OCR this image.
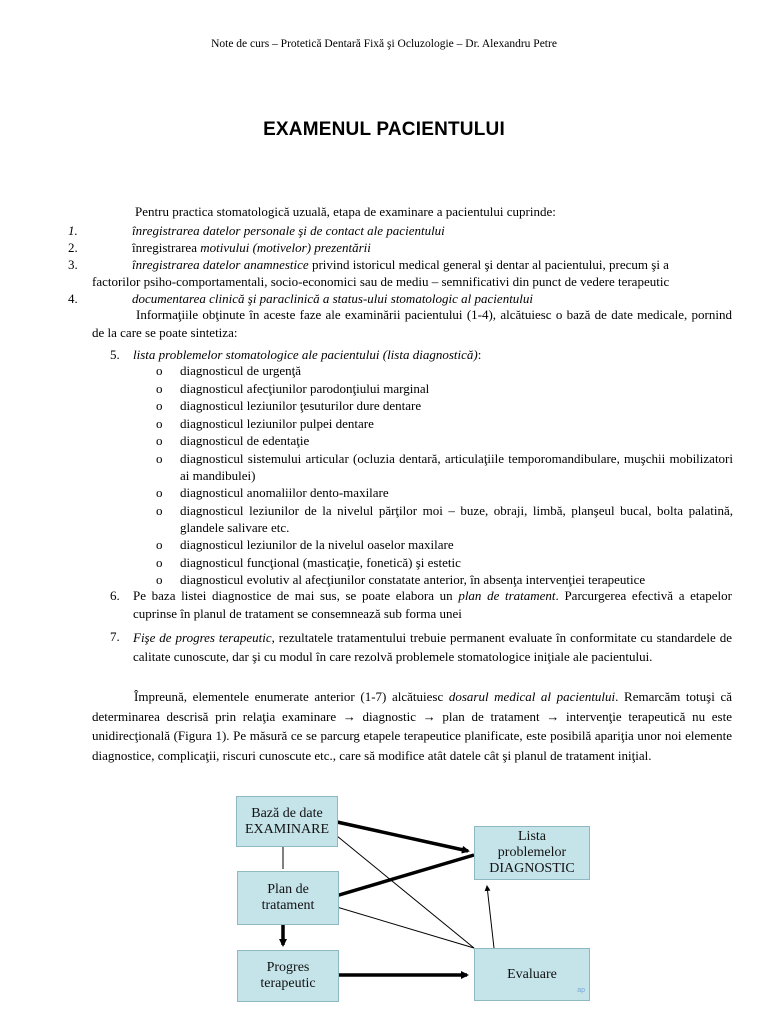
Note de curs – Protetică Dentară Fixă şi Ocluzologie – Dr. Alexandru Petre
EXAMENUL PACIENTULUI
Pentru practica stomatologică uzuală, etapa de examinare a pacientului cuprinde:
1.	înregistrarea datelor personale şi de contact ale pacientului
2.	înregistrarea motivului (motivelor) prezentării
3.	înregistrarea datelor anamnestice privind istoricul medical general şi dentar al pacientului, precum şi a
factorilor psiho-comportamentali, socio-economici sau de mediu – semnificativi din punct de vedere terapeutic
4.	documentarea clinică şi paraclinică a status-ului stomatologic al pacientului
Informaţiile obţinute în aceste faze ale examinării pacientului (1-4), alcătuiesc o bază de date medicale, pornind de la care se poate sintetiza:
5. lista problemelor stomatologice ale pacientului (lista diagnostică):
o diagnosticul de urgenţă
o diagnosticul afecţiunilor parodonţiului marginal
o diagnosticul leziunilor ţesuturilor dure dentare
o diagnosticul leziunilor pulpei dentare
o diagnosticul de edentaţie
o diagnosticul sistemului articular (ocluzia dentară, articulaţiile temporomandibulare, muşchii mobilizatori ai mandibulei)
o diagnosticul anomaliilor dento-maxilare
o diagnosticul leziunilor de la nivelul părţilor moi – buze, obraji, limbă, planşeul bucal, bolta palatină, glandele salivare etc.
o diagnosticul leziunilor de la nivelul oaselor maxilare
o diagnosticul funcţional (masticaţie, fonetică) şi estetic
o diagnosticul evolutiv al afecţiunilor constatate anterior, în absenţa intervenţiei terapeutice
6. Pe baza listei diagnostice de mai sus, se poate elabora un plan de tratament. Parcurgerea efectivă a etapelor cuprinse în planul de tratament se consemnează sub forma unei
7. Fişe de progres terapeutic, rezultatele tratamentului trebuie permanent evaluate în conformitate cu standardele de calitate cunoscute, dar şi cu modul în care rezolvă problemele stomatologice iniţiale ale pacientului.
Împreună, elementele enumerate anterior (1-7) alcătuiesc dosarul medical al pacientului. Remarcăm totuşi că determinarea descrisă prin relaţia examinare → diagnostic → plan de tratament → intervenţie terapeutică nu este unidirecţională (Figura 1). Pe măsură ce se parcurg etapele terapeutice planificate, este posibilă apariţia unor noi elemente diagnostice, complicaţii, riscuri cunoscute etc., care să modifice atât datele cât şi planul de tratament iniţial.
Bază de date
EXAMINARE	Lista
problemelor
DIAGNOSTIC
Plan de
tratament
Progres
terapeutic
Evaluare
ap
